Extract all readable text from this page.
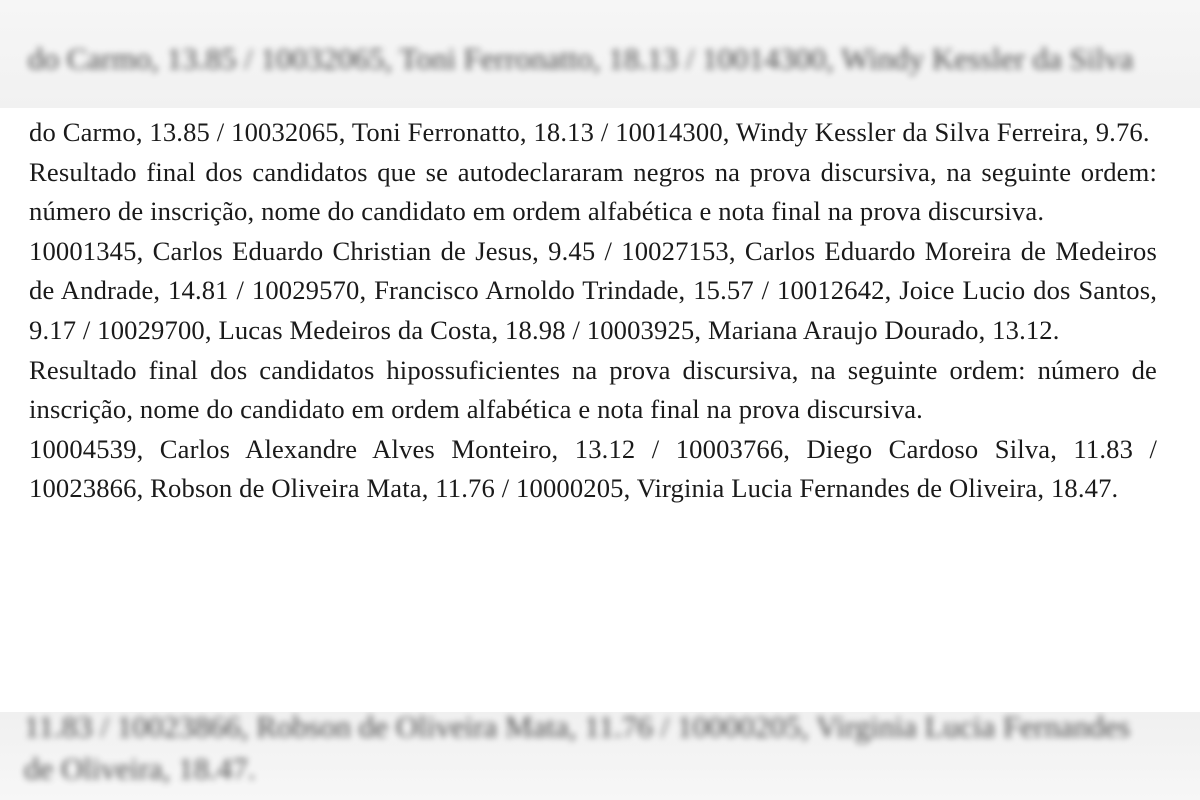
do Carmo, 13.85 / 10032065, Toni Ferronatto, 18.13 / 10014300, Windy Kessler da Silva

do Carmo, 13.85 / 10032065, Toni Ferronatto, 18.13 / 10014300, Windy Kessler da Silva Ferreira, 9.76.

Resultado final dos candidatos que se autodeclararam negros na prova discursiva, na seguinte ordem: número de inscrição, nome do candidato em ordem alfabética e nota final na prova discursiva.

10001345, Carlos Eduardo Christian de Jesus, 9.45 / 10027153, Carlos Eduardo Moreira de Medeiros de Andrade, 14.81 / 10029570, Francisco Arnoldo Trindade, 15.57 / 10012642, Joice Lucio dos Santos, 9.17 / 10029700, Lucas Medeiros da Costa, 18.98 / 10003925, Mariana Araujo Dourado, 13.12.

Resultado final dos candidatos hipossuficientes na prova discursiva, na seguinte ordem: número de inscrição, nome do candidato em ordem alfabética e nota final na prova discursiva.

10004539, Carlos Alexandre Alves Monteiro, 13.12 / 10003766, Diego Cardoso Silva, 11.83 / 10023866, Robson de Oliveira Mata, 11.76 / 10000205, Virginia Lucia Fernandes de Oliveira, 18.47.

11.83 / 10023866, Robson de Oliveira Mata, 11.76 / 10000205, Virginia Lucia Fernandes
de Oliveira, 18.47.
